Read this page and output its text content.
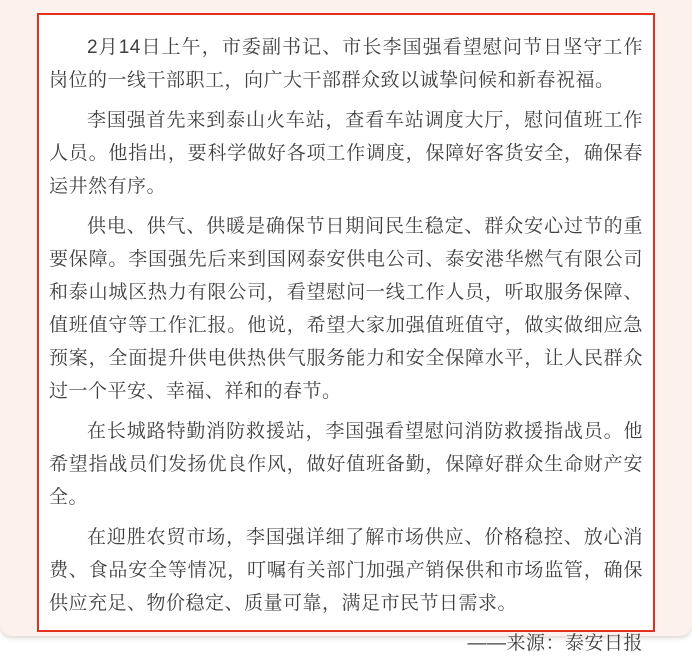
2月14日上午，市委副书记、市长李国强看望慰问节日坚守工作岗位的一线干部职工，向广大干部群众致以诚挚问候和新春祝福。

李国强首先来到泰山火车站，查看车站调度大厅，慰问值班工作人员。他指出，要科学做好各项工作调度，保障好客货安全，确保春运井然有序。

供电、供气、供暖是确保节日期间民生稳定、群众安心过节的重要保障。李国强先后来到国网泰安供电公司、泰安港华燃气有限公司和泰山城区热力有限公司，看望慰问一线工作人员，听取服务保障、值班值守等工作汇报。他说，希望大家加强值班值守，做实做细应急预案，全面提升供电供热供气服务能力和安全保障水平，让人民群众过一个平安、幸福、祥和的春节。

在长城路特勤消防救援站，李国强看望慰问消防救援指战员。他希望指战员们发扬优良作风，做好值班备勤，保障好群众生命财产安全。

在迎胜农贸市场，李国强详细了解市场供应、价格稳控、放心消费、食品安全等情况，叮嘱有关部门加强产销保供和市场监管，确保供应充足、物价稳定、质量可靠，满足市民节日需求。

——来源：泰安日报
